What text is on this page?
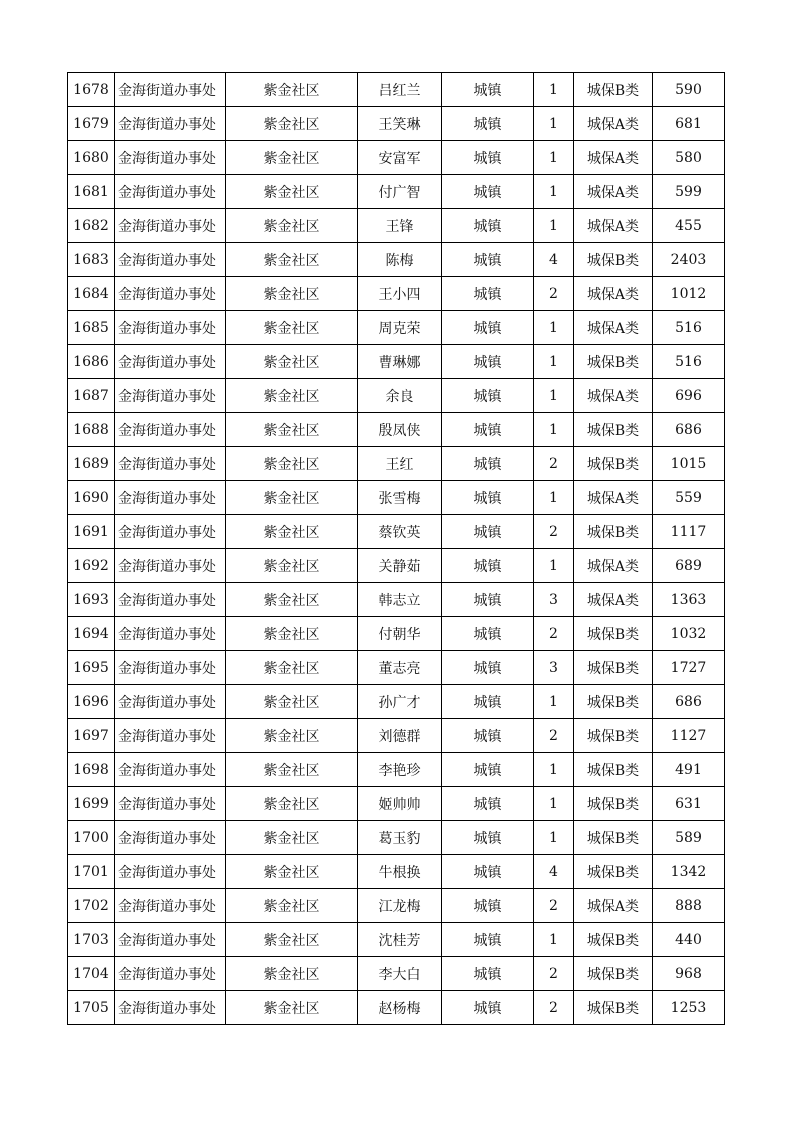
1678	金海街道办事处	紫金社区	吕红兰	城镇	1	城保B类	590
1679	金海街道办事处	紫金社区	王笑琳	城镇	1	城保A类	681
1680	金海街道办事处	紫金社区	安富军	城镇	1	城保A类	580
1681	金海街道办事处	紫金社区	付广智	城镇	1	城保A类	599
1682	金海街道办事处	紫金社区	王锋	城镇	1	城保A类	455
1683	金海街道办事处	紫金社区	陈梅	城镇	4	城保B类	2403
1684	金海街道办事处	紫金社区	王小四	城镇	2	城保A类	1012
1685	金海街道办事处	紫金社区	周克荣	城镇	1	城保A类	516
1686	金海街道办事处	紫金社区	曹琳娜	城镇	1	城保B类	516
1687	金海街道办事处	紫金社区	余良	城镇	1	城保A类	696
1688	金海街道办事处	紫金社区	殷凤侠	城镇	1	城保B类	686
1689	金海街道办事处	紫金社区	王红	城镇	2	城保B类	1015
1690	金海街道办事处	紫金社区	张雪梅	城镇	1	城保A类	559
1691	金海街道办事处	紫金社区	蔡钦英	城镇	2	城保B类	1117
1692	金海街道办事处	紫金社区	关静茹	城镇	1	城保A类	689
1693	金海街道办事处	紫金社区	韩志立	城镇	3	城保A类	1363
1694	金海街道办事处	紫金社区	付朝华	城镇	2	城保B类	1032
1695	金海街道办事处	紫金社区	董志亮	城镇	3	城保B类	1727
1696	金海街道办事处	紫金社区	孙广才	城镇	1	城保B类	686
1697	金海街道办事处	紫金社区	刘德群	城镇	2	城保B类	1127
1698	金海街道办事处	紫金社区	李艳珍	城镇	1	城保B类	491
1699	金海街道办事处	紫金社区	姬帅帅	城镇	1	城保B类	631
1700	金海街道办事处	紫金社区	葛玉豹	城镇	1	城保B类	589
1701	金海街道办事处	紫金社区	牛根换	城镇	4	城保B类	1342
1702	金海街道办事处	紫金社区	江龙梅	城镇	2	城保A类	888
1703	金海街道办事处	紫金社区	沈桂芳	城镇	1	城保B类	440
1704	金海街道办事处	紫金社区	李大白	城镇	2	城保B类	968
1705	金海街道办事处	紫金社区	赵杨梅	城镇	2	城保B类	1253
